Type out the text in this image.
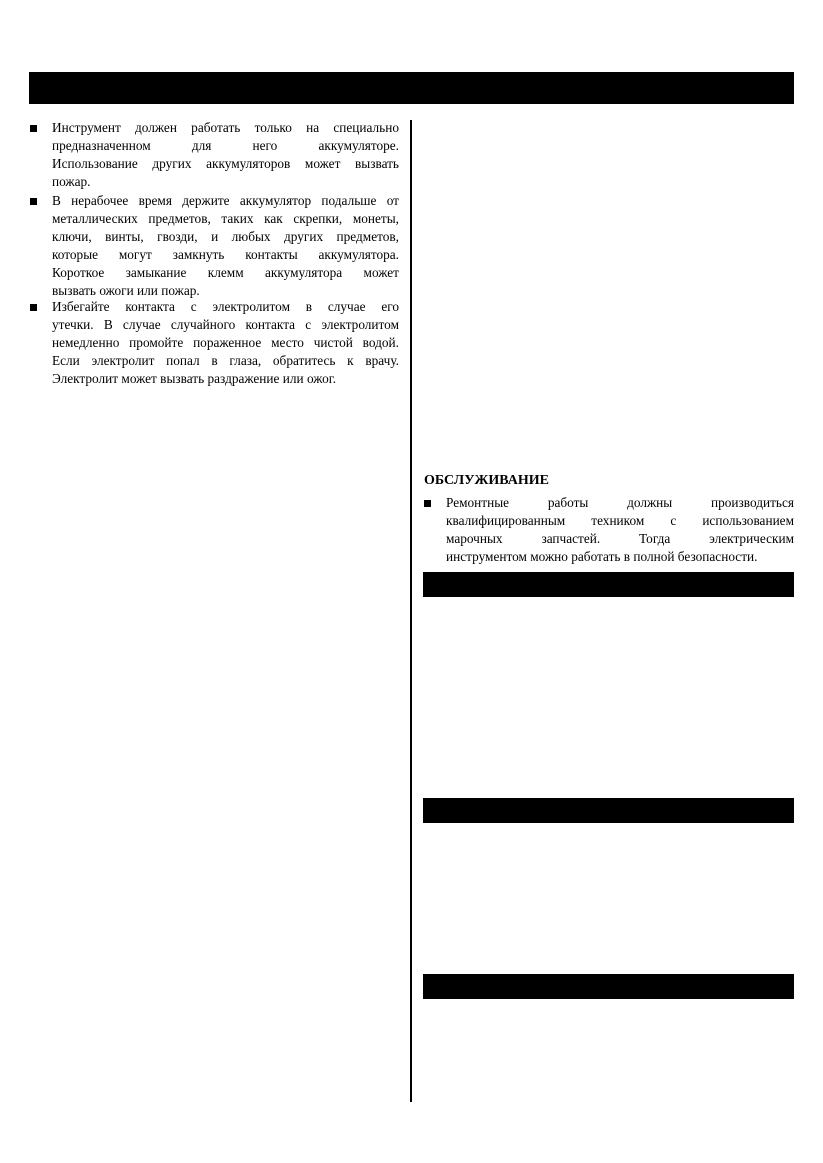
Инструмент должен работать только на специально
предназначенном для него аккумуляторе.
Использование других аккумуляторов может вызвать
пожар.
В нерабочее время держите аккумулятор подальше от
металлических предметов, таких как скрепки, монеты,
ключи, винты, гвозди, и любых других предметов,
которые могут замкнуть контакты аккумулятора.
Короткое замыкание клемм аккумулятора может
вызвать ожоги или пожар.
Избегайте контакта с электролитом в случае его
утечки. В случае случайного контакта с электролитом
немедленно промойте пораженное место чистой водой.
Если электролит попал в глаза, обратитесь к врачу.
Электролит может вызвать раздражение или ожог.
ОБСЛУЖИВАНИЕ
Ремонтные работы должны производиться
квалифицированным техником с использованием
марочных запчастей. Тогда электрическим
инструментом можно работать в полной безопасности.
